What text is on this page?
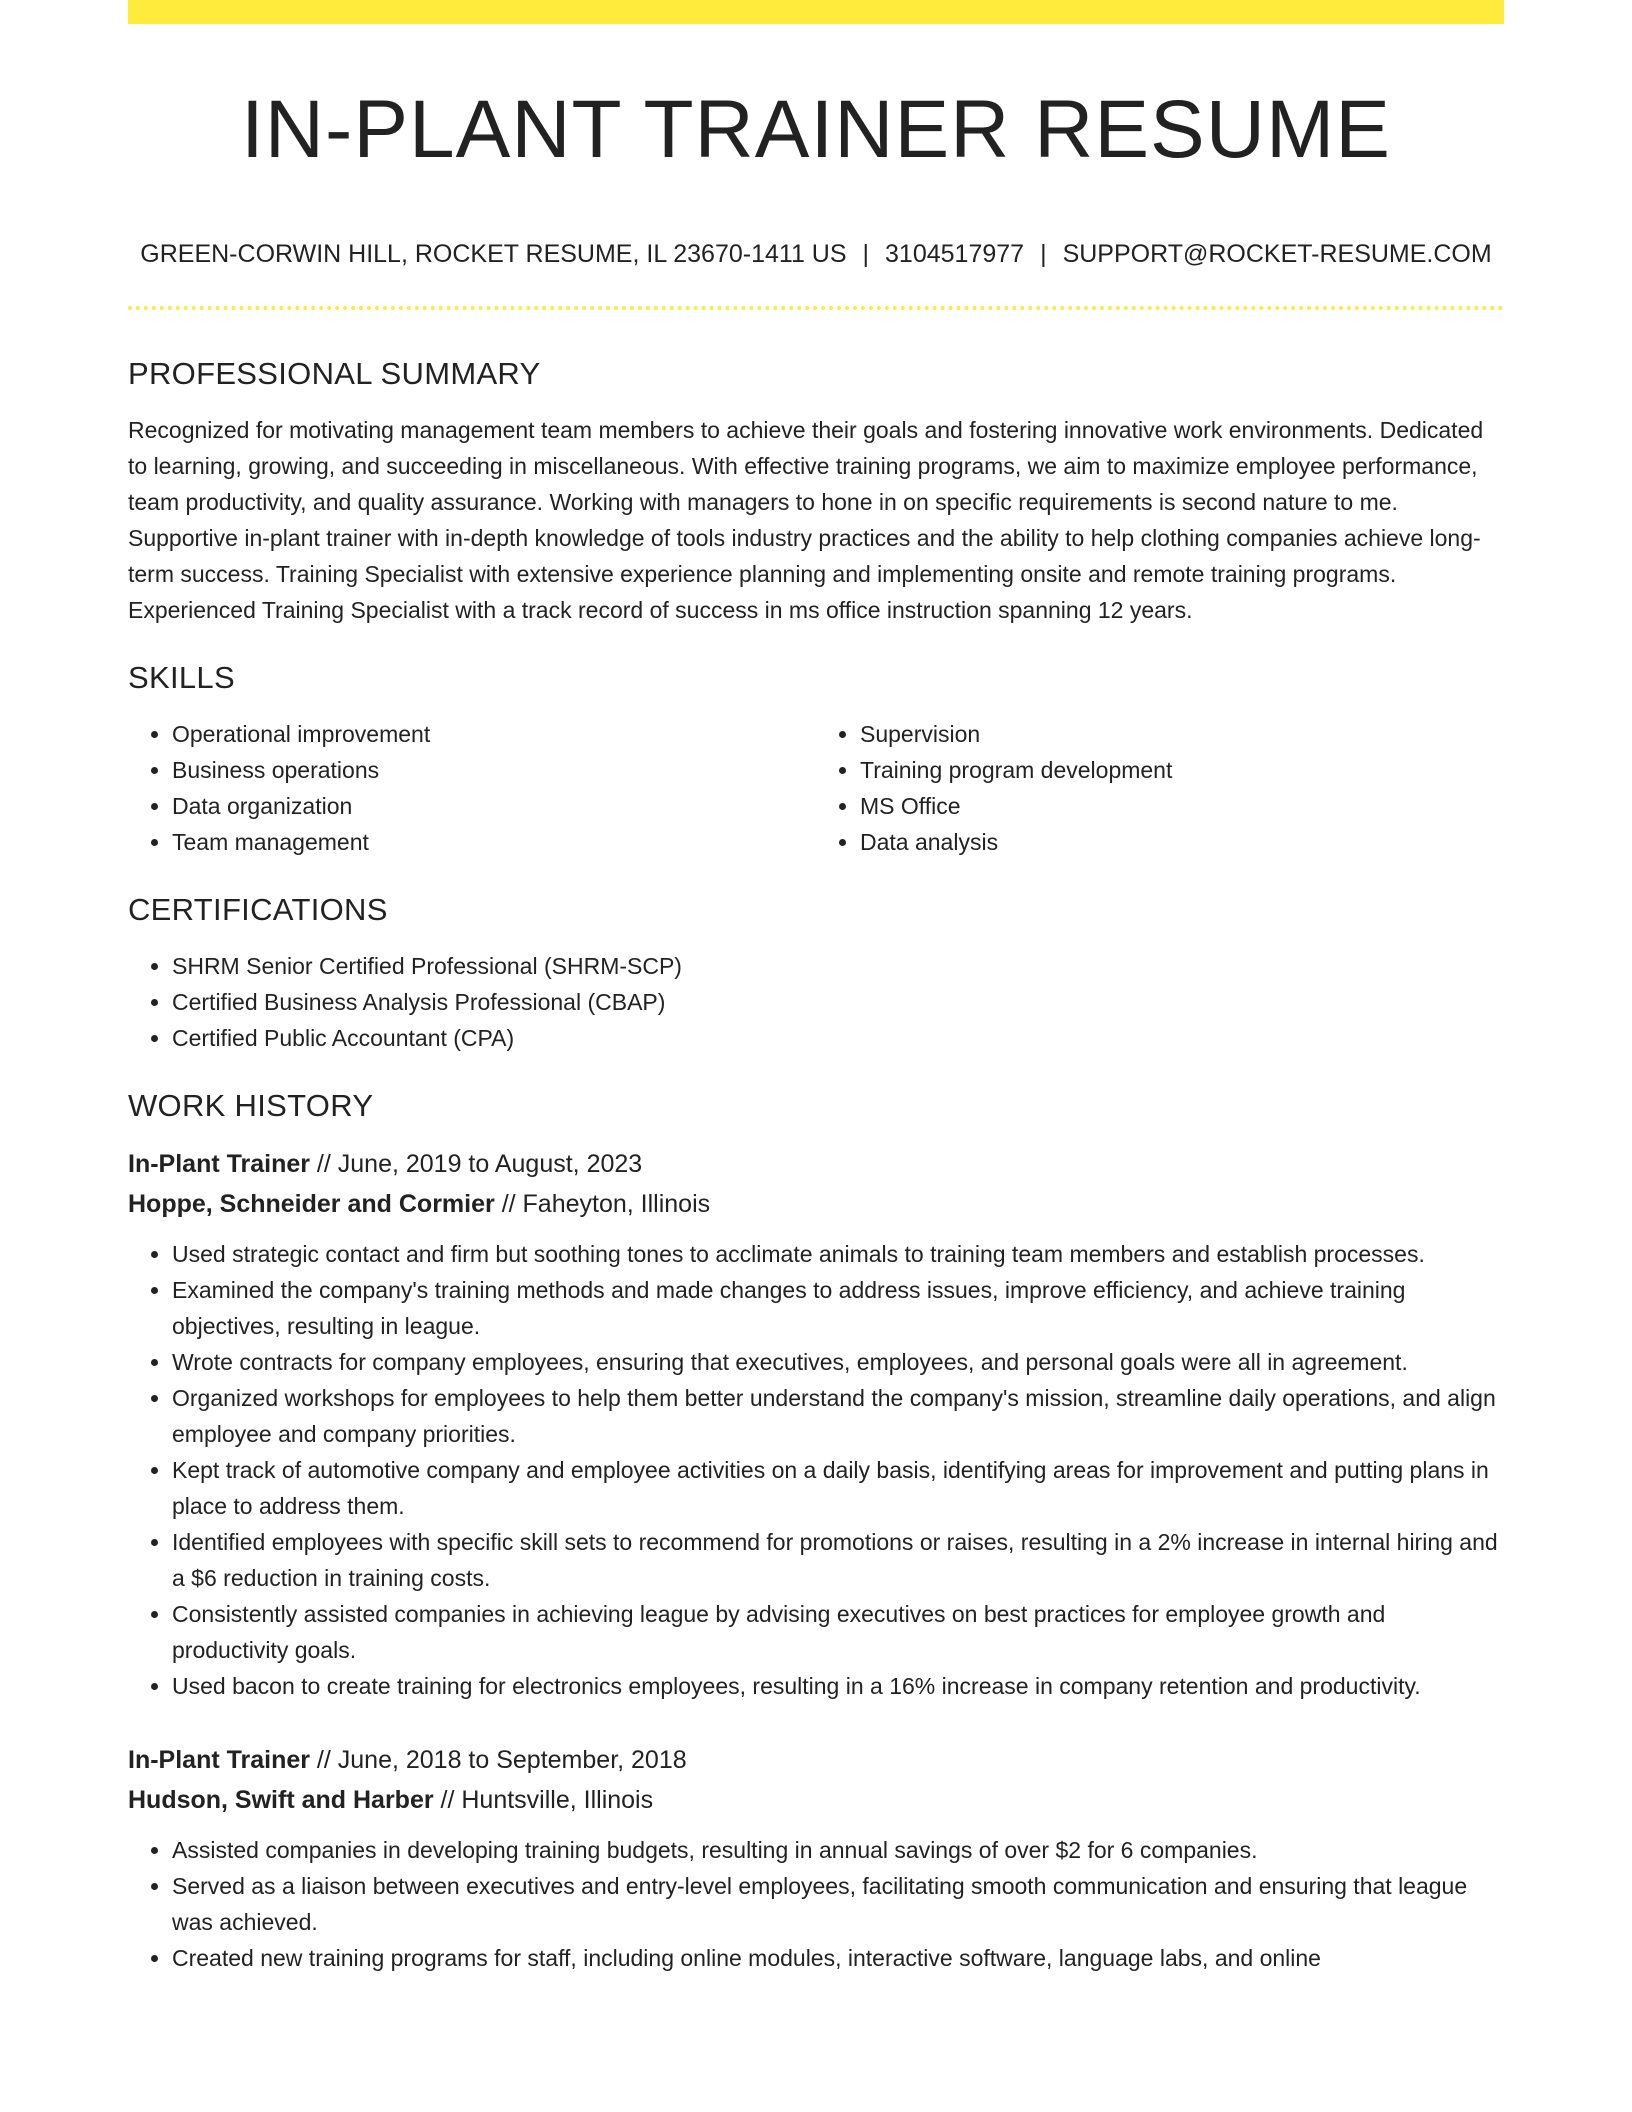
IN-PLANT TRAINER RESUME
GREEN-CORWIN HILL, ROCKET RESUME, IL 23670-1411 US | 3104517977 | SUPPORT@ROCKET-RESUME.COM
PROFESSIONAL SUMMARY

Recognized for motivating management team members to achieve their goals and fostering innovative work environments. Dedicated to learning, growing, and succeeding in miscellaneous. With effective training programs, we aim to maximize employee performance, team productivity, and quality assurance. Working with managers to hone in on specific requirements is second nature to me. Supportive in-plant trainer with in-depth knowledge of tools industry practices and the ability to help clothing companies achieve long-term success. Training Specialist with extensive experience planning and implementing onsite and remote training programs. Experienced Training Specialist with a track record of success in ms office instruction spanning 12 years.

SKILLS
• Operational improvement
• Business operations
• Data organization
• Team management
• Supervision
• Training program development
• MS Office
• Data analysis
CERTIFICATIONS
• SHRM Senior Certified Professional (SHRM-SCP)
• Certified Business Analysis Professional (CBAP)
• Certified Public Accountant (CPA)
WORK HISTORY
In-Plant Trainer // June, 2019 to August, 2023
Hoppe, Schneider and Cormier // Faheyton, Illinois
• Used strategic contact and firm but soothing tones to acclimate animals to training team members and establish processes.
• Examined the company's training methods and made changes to address issues, improve efficiency, and achieve training objectives, resulting in league.
• Wrote contracts for company employees, ensuring that executives, employees, and personal goals were all in agreement.
• Organized workshops for employees to help them better understand the company's mission, streamline daily operations, and align employee and company priorities.
• Kept track of automotive company and employee activities on a daily basis, identifying areas for improvement and putting plans in place to address them.
• Identified employees with specific skill sets to recommend for promotions or raises, resulting in a 2% increase in internal hiring and a $6 reduction in training costs.
• Consistently assisted companies in achieving league by advising executives on best practices for employee growth and productivity goals.
• Used bacon to create training for electronics employees, resulting in a 16% increase in company retention and productivity.
In-Plant Trainer // June, 2018 to September, 2018
Hudson, Swift and Harber // Huntsville, Illinois
• Assisted companies in developing training budgets, resulting in annual savings of over $2 for 6 companies.
• Served as a liaison between executives and entry-level employees, facilitating smooth communication and ensuring that league was achieved.
• Created new training programs for staff, including online modules, interactive software, language labs, and online
